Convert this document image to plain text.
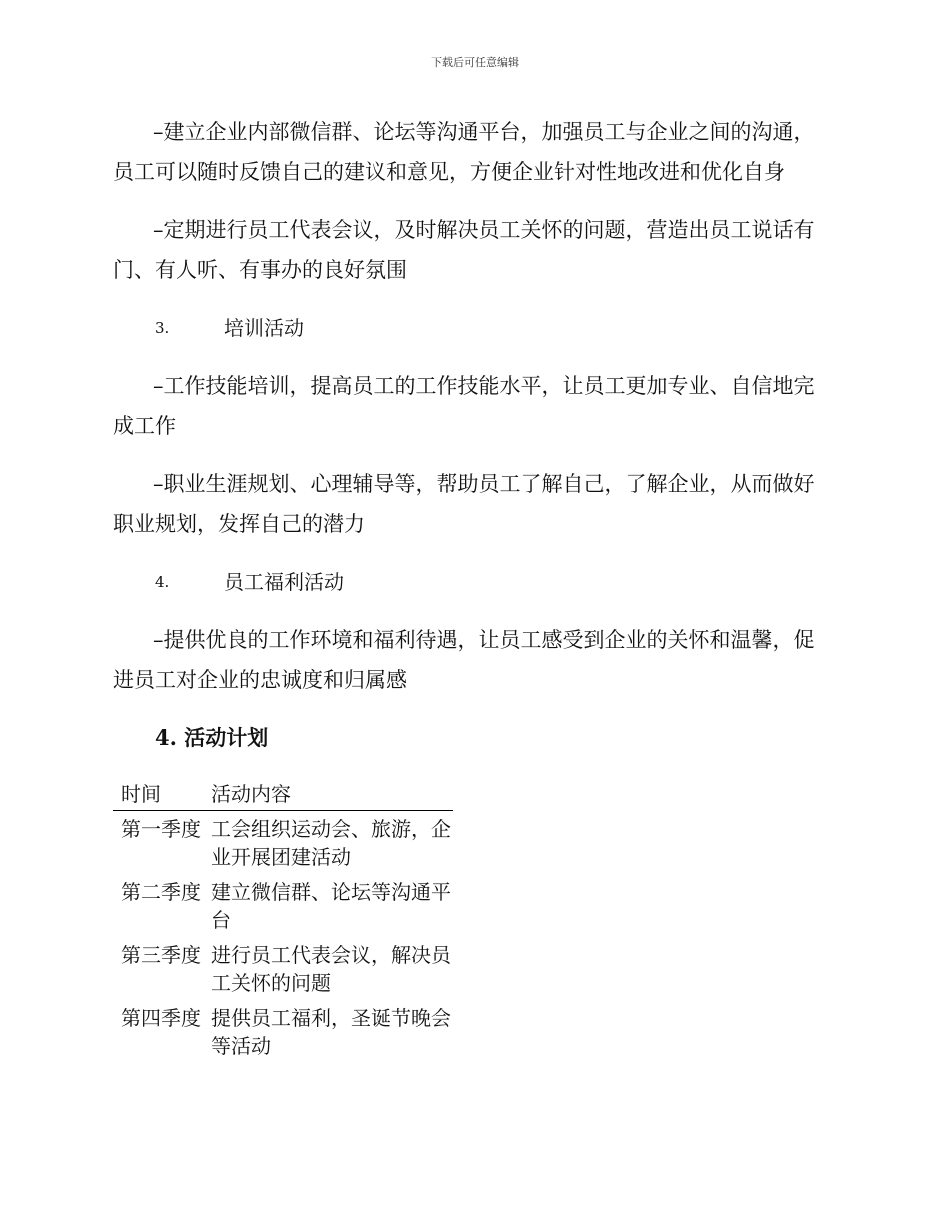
下载后可任意编辑

–建立企业内部微信群、论坛等沟通平台，加强员工与企业之间的沟通，员工可以随时反馈自己的建议和意见，方便企业针对性地改进和优化自身

–定期进行员工代表会议，及时解决员工关怀的问题，营造出员工说话有门、有人听、有事办的良好氛围

3.	培训活动

–工作技能培训，提高员工的工作技能水平，让员工更加专业、自信地完成工作

–职业生涯规划、心理辅导等，帮助员工了解自己，了解企业，从而做好职业规划，发挥自己的潜力

4.	员工福利活动

–提供优良的工作环境和福利待遇，让员工感受到企业的关怀和温馨，促进员工对企业的忠诚度和归属感

4. 活动计划
时间	活动内容
第一季度	工会组织运动会、旅游，企业开展团建活动
第二季度	建立微信群、论坛等沟通平台
第三季度	进行员工代表会议，解决员工关怀的问题
第四季度	提供员工福利，圣诞节晚会等活动
